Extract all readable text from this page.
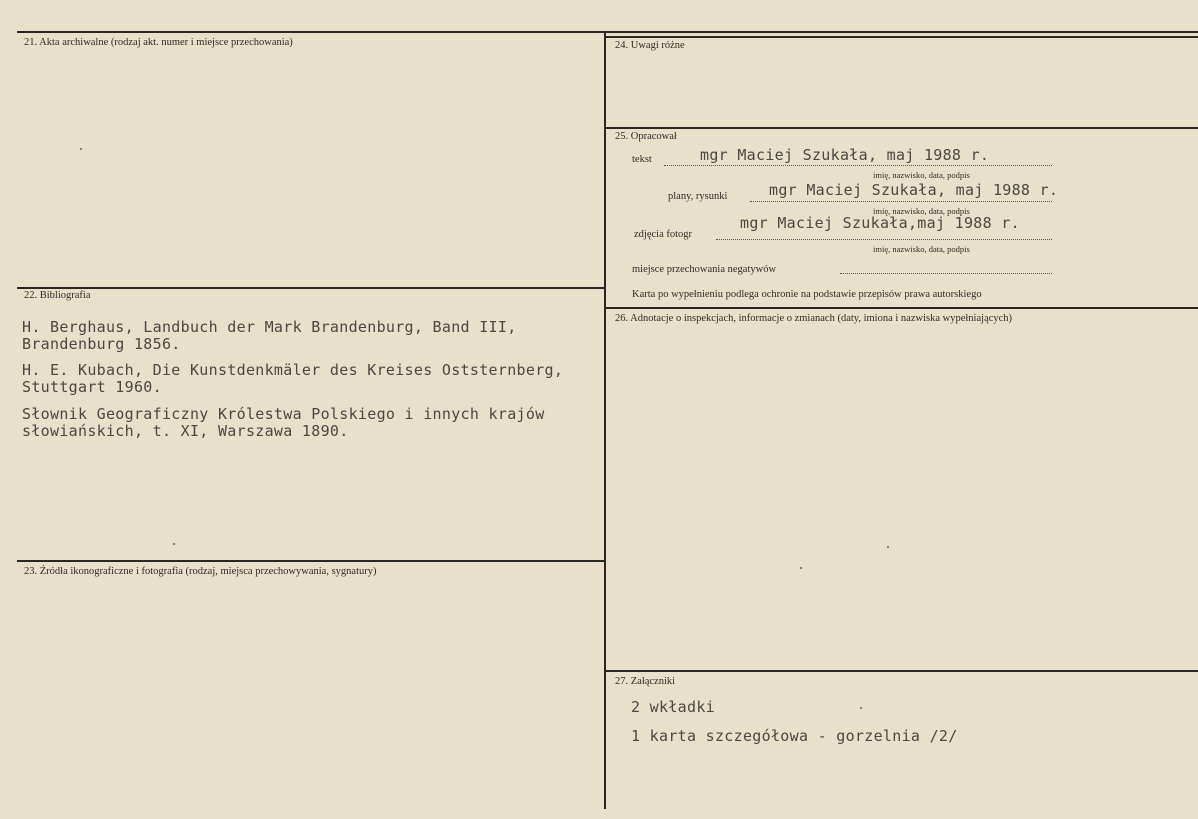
21. Akta archiwalne (rodzaj akt. numer i miejsce przechowania)
22. Bibliografia
H. Berghaus, Landbuch der Mark Brandenburg, Band III,
Brandenburg 1856.
H. E. Kubach, Die Kunstdenkmäler des Kreises Oststernberg,
Stuttgart 1960.
Słownik Geograficzny Królestwa Polskiego i innych krajów
słowiańskich, t. XI, Warszawa 1890.
23. Źródła ikonograficzne i fotografia (rodzaj, miejsca przechowywania, sygnatury)
24. Uwagi różne
25. Opracował
tekst	mgr Maciej Szukała, maj 1988 r.
imię, nazwisko, data, podpis
plany, rysunki	mgr Maciej Szukała, maj 1988 r.
imię, nazwisko, data, podpis
zdjęcia fotogr
mgr Maciej Szukała,maj 1988 r.
imię, nazwisko, data, podpis
miejsce przechowania negatywów
Karta po wypełnieniu podlega ochronie na podstawie przepisów prawa autorskiego
26. Adnotacje o inspekcjach, informacje o zmianach (daty, imiona i nazwiska wypełniających)
27. Załączniki
2 wkładki
1 karta szczegółowa - gorzelnia /2/
